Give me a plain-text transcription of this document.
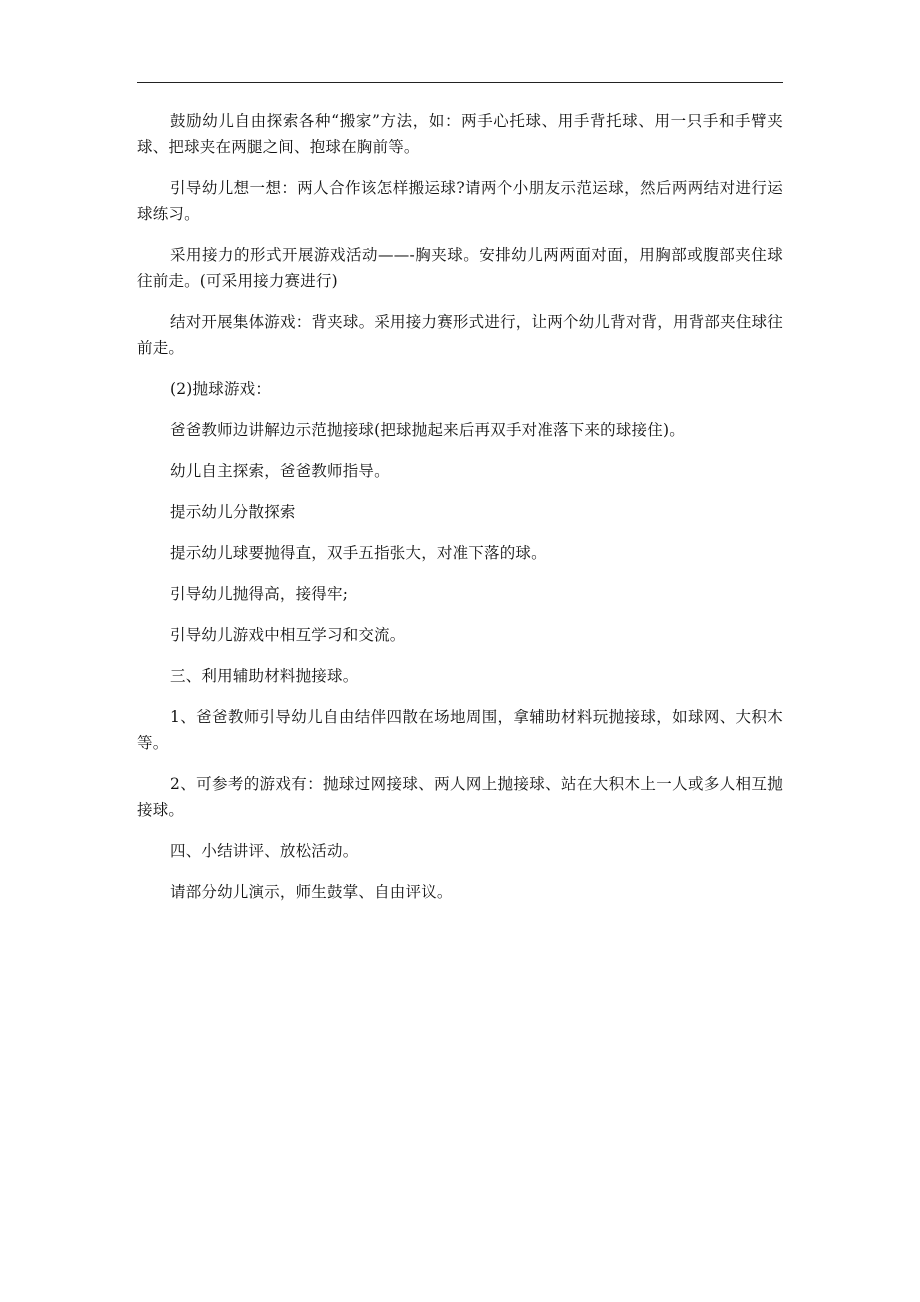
鼓励幼儿自由探索各种“搬家”方法，如：两手心托球、用手背托球、用一只手和手臂夹球、把球夹在两腿之间、抱球在胸前等。

引导幼儿想一想：两人合作该怎样搬运球?请两个小朋友示范运球，然后两两结对进行运球练习。

采用接力的形式开展游戏活动——-胸夹球。安排幼儿两两面对面，用胸部或腹部夹住球往前走。(可采用接力赛进行)

结对开展集体游戏：背夹球。采用接力赛形式进行，让两个幼儿背对背，用背部夹住球往前走。

(2)抛球游戏：

爸爸教师边讲解边示范抛接球(把球抛起来后再双手对准落下来的球接住)。

幼儿自主探索，爸爸教师指导。

提示幼儿分散探索

提示幼儿球要抛得直，双手五指张大，对准下落的球。

引导幼儿抛得高，接得牢;

引导幼儿游戏中相互学习和交流。

三、利用辅助材料抛接球。

1、爸爸教师引导幼儿自由结伴四散在场地周围，拿辅助材料玩抛接球，如球网、大积木等。

2、可参考的游戏有：抛球过网接球、两人网上抛接球、站在大积木上一人或多人相互抛接球。

四、小结讲评、放松活动。

请部分幼儿演示，师生鼓掌、自由评议。
